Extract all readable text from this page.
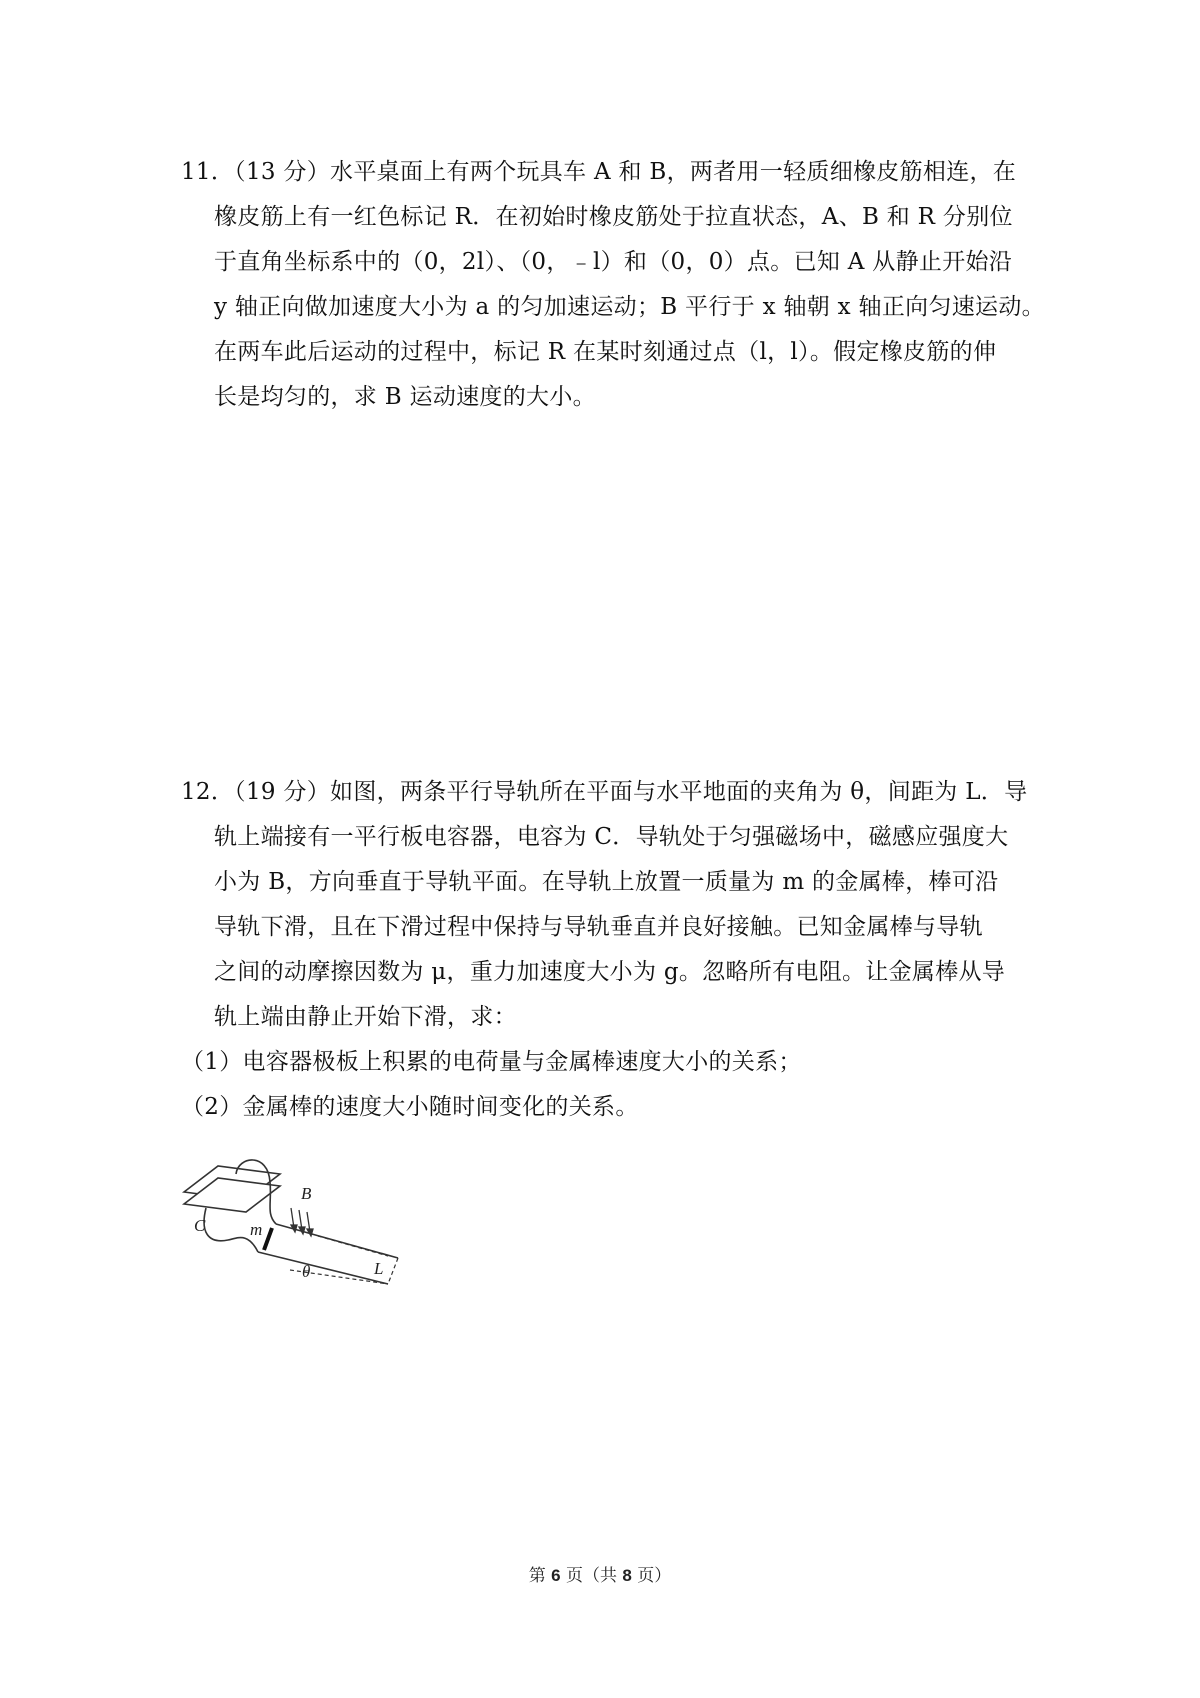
11．（13 分）水平桌面上有两个玩具车 A 和 B，两者用一轻质细橡皮筋相连，在
橡皮筋上有一红色标记 R．在初始时橡皮筋处于拉直状态，A、B 和 R 分别位
于直角坐标系中的（0，2l）、（0，﹣l）和（0，0）点。已知 A 从静止开始沿
y 轴正向做加速度大小为 a 的匀加速运动；B 平行于 x 轴朝 x 轴正向匀速运动。
在两车此后运动的过程中，标记 R 在某时刻通过点（l，l）。假定橡皮筋的伸
长是均匀的，求 B 运动速度的大小。
12．（19 分）如图，两条平行导轨所在平面与水平地面的夹角为 θ，间距为 L．导
轨上端接有一平行板电容器，电容为 C．导轨处于匀强磁场中，磁感应强度大
小为 B，方向垂直于导轨平面。在导轨上放置一质量为 m 的金属棒，棒可沿
导轨下滑，且在下滑过程中保持与导轨垂直并良好接触。已知金属棒与导轨
之间的动摩擦因数为 μ，重力加速度大小为 g。忽略所有电阻。让金属棒从导
轨上端由静止开始下滑，求：
（1）电容器极板上积累的电荷量与金属棒速度大小的关系；
（2）金属棒的速度大小随时间变化的关系。
B
C	m
θ	L
第 6 页（共 8 页）
